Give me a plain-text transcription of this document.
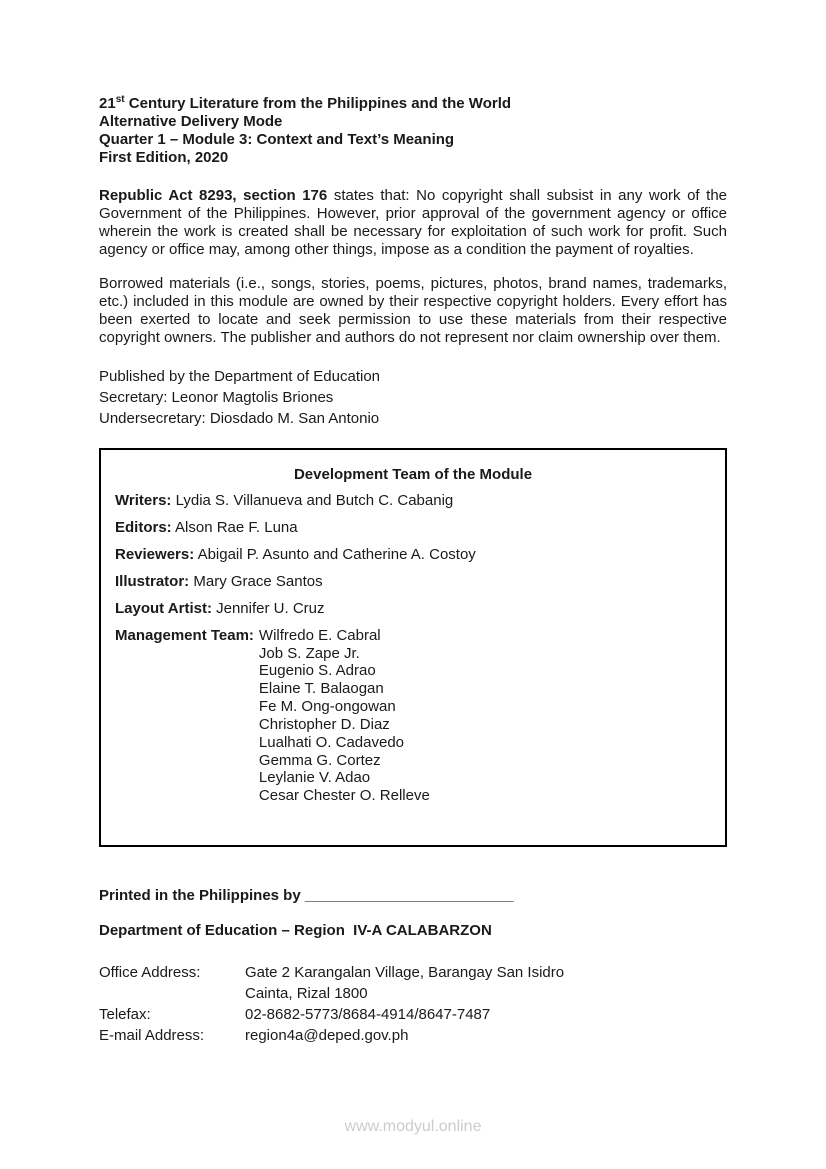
21st Century Literature from the Philippines and the World

Alternative Delivery Mode

Quarter 1 – Module 3: Context and Text’s Meaning

First Edition, 2020

Republic Act 8293, section 176 states that: No copyright shall subsist in any work of the Government of the Philippines. However, prior approval of the government agency or office wherein the work is created shall be necessary for exploitation of such work for profit. Such agency or office may, among other things, impose as a condition the payment of royalties.

Borrowed materials (i.e., songs, stories, poems, pictures, photos, brand names, trademarks, etc.) included in this module are owned by their respective copyright holders. Every effort has been exerted to locate and seek permission to use these materials from their respective copyright owners. The publisher and authors do not represent nor claim ownership over them.

Published by the Department of Education
Secretary: Leonor Magtolis Briones
Undersecretary: Diosdado M. San Antonio
Development Team of the Module
Writers: Lydia S. Villanueva and Butch C. Cabanig
Editors: Alson Rae F. Luna
Reviewers: Abigail P. Asunto and Catherine A. Costoy
Illustrator: Mary Grace Santos
Layout Artist: Jennifer U. Cruz
Management Team: Wilfredo E. Cabral
Job S. Zape Jr.
Eugenio S. Adrao
Elaine T. Balaogan
Fe M. Ong-ongowan
Christopher D. Diaz
Lualhati O. Cadavedo
Gemma G. Cortez
Leylanie V. Adao
Cesar Chester O. Relleve

Printed in the Philippines by _________________________

Department of Education – Region  IV-A CALABARZON

Office Address:	Gate 2 Karangalan Village, Barangay San Isidro
Cainta, Rizal 1800
Telefax:	02-8682-5773/8684-4914/8647-7487
E-mail Address:	region4a@deped.gov.ph
www.modyul.online
